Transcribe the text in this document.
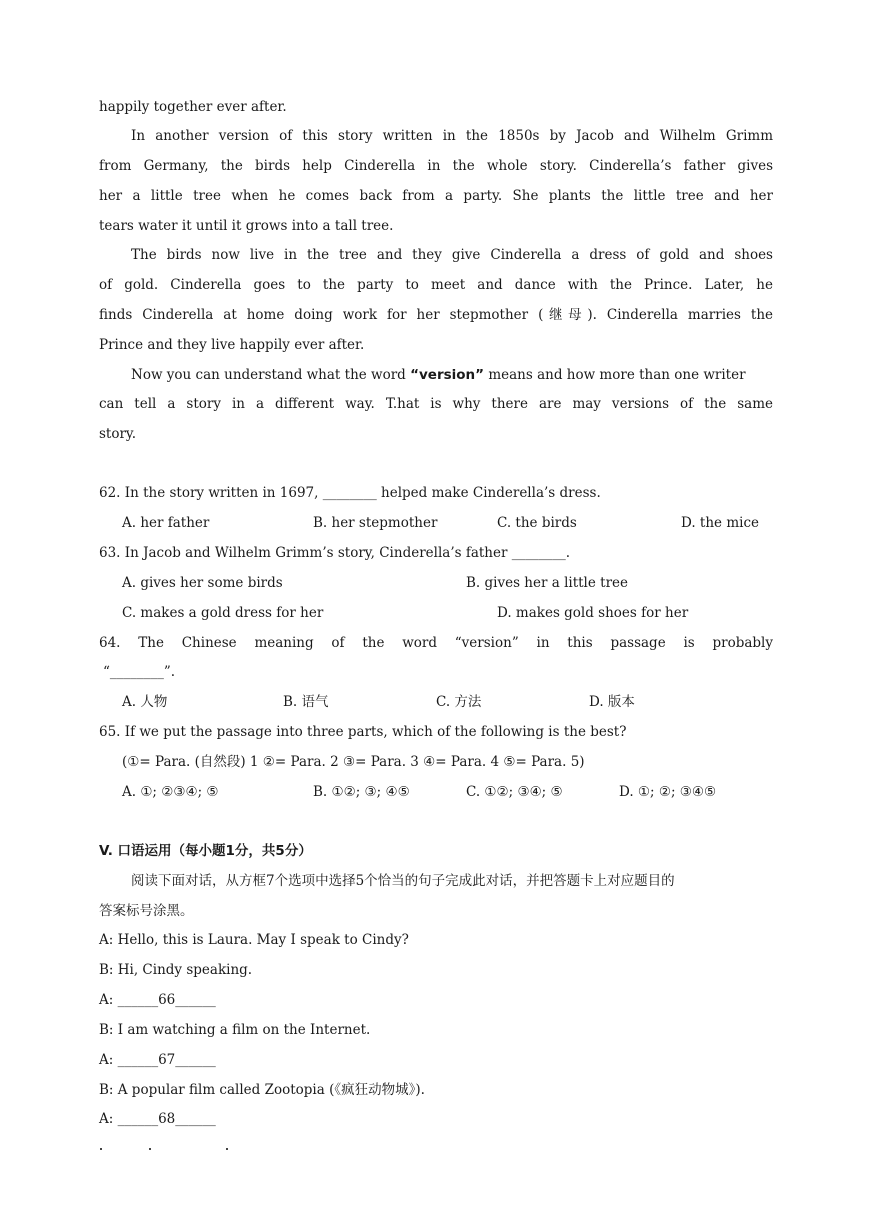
happily together ever after.
In another version of this story written in the 1850s by Jacob and Wilhelm Grimm
from Germany, the birds help Cinderella in the whole story. Cinderella’s father gives
her a little tree when he comes back from a party. She plants the little tree and her
tears water it until it grows into a tall tree.
The birds now live in the tree and they give Cinderella a dress of gold and shoes
of gold. Cinderella goes to the party to meet and dance with the Prince. Later, he
finds Cinderella at home doing work for her stepmother (继母). Cinderella marries the
Prince and they live happily ever after.
Now you can understand what the word “version” means and how more than one writer
can tell a story in a different way. T.hat is why there are may versions of the same
story.
62. In the story written in 1697, ________ helped make Cinderella’s dress.
A. her father	B. her stepmother	C. the birds	D. the mice
63. In Jacob and Wilhelm Grimm’s story, Cinderella’s father ________.
A. gives her some birds	B. gives her a little tree
C. makes a gold dress for her	D. makes gold shoes for her
64. The Chinese meaning of the word “version” in this passage is probably
“________”.
A. 人物	B. 语气	C. 方法	D. 版本
65. If we put the passage into three parts, which of the following is the best?
(①= Para. (自然段) 1 ②= Para. 2 ③= Para. 3 ④= Para. 4 ⑤= Para. 5)
A. ①; ②③④; ⑤	B. ①②; ③; ④⑤	C. ①②; ③④; ⑤	D. ①; ②; ③④⑤
V. 口语运用（每小题1分，共5分）
阅读下面对话，从方框7个选项中选择5个恰当的句子完成此对话，并把答题卡上对应题目的
答案标号涂黑。
A: Hello, this is Laura. May I speak to Cindy?
B: Hi, Cindy speaking.
A: ______66______
B: I am watching a film on the Internet.
A: ______67______
B: A popular film called Zootopia (《疯狂动物城》).
A: ______68______
